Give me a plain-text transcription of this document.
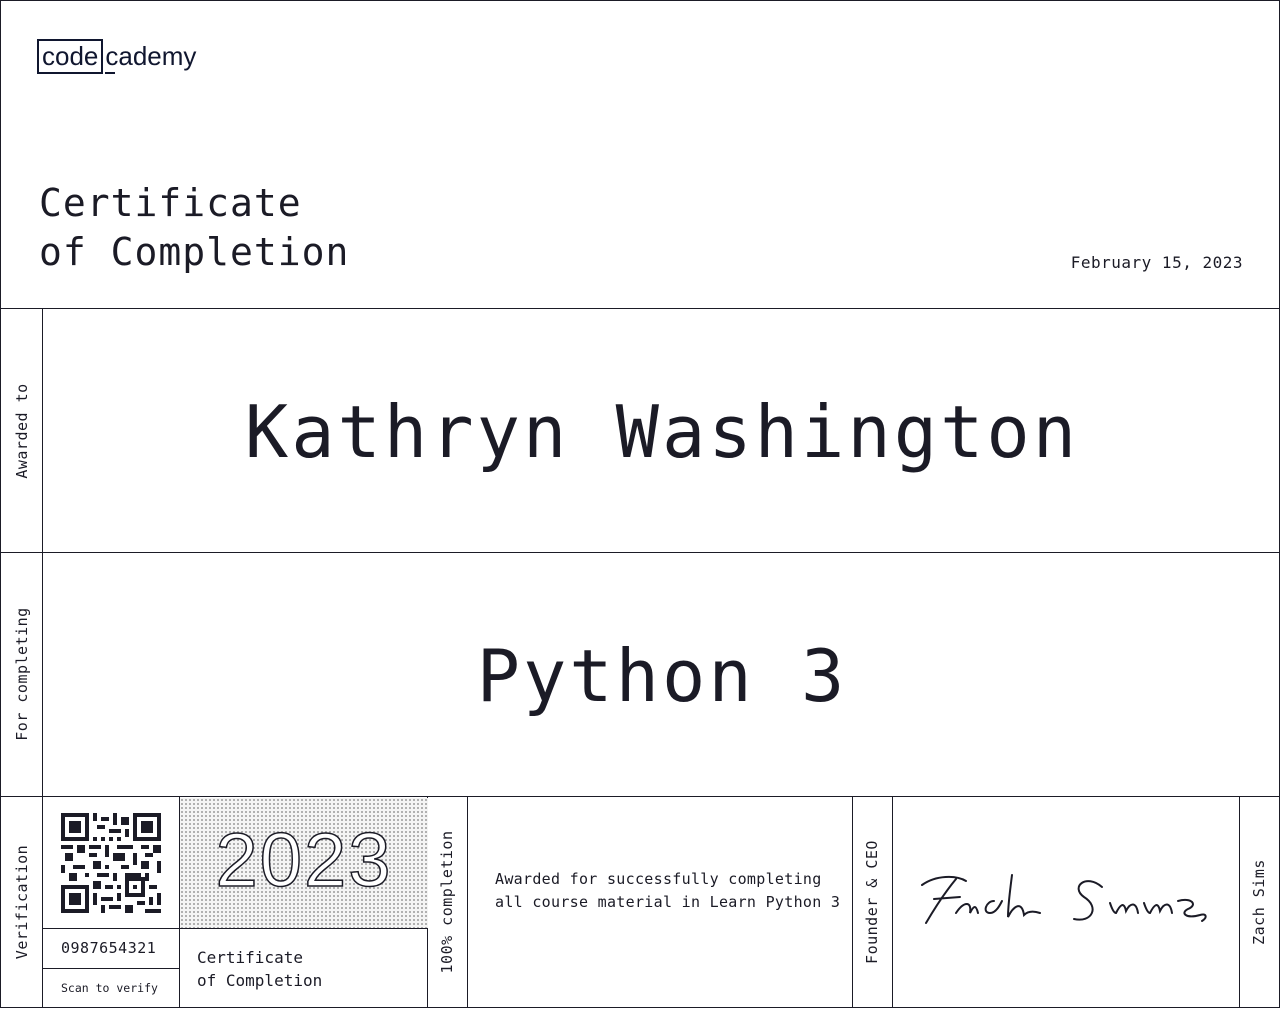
code cademy
Certificate
of Completion	February 15, 2023
Awarded to
For completing
Verification	100% completion	Founder & CEO	Zach Sims
Kathryn Washington
Python 3
0987654321
Scan to verify
2023
Certificate
of Completion
Awarded for successfully completing all course material in Learn Python 3
